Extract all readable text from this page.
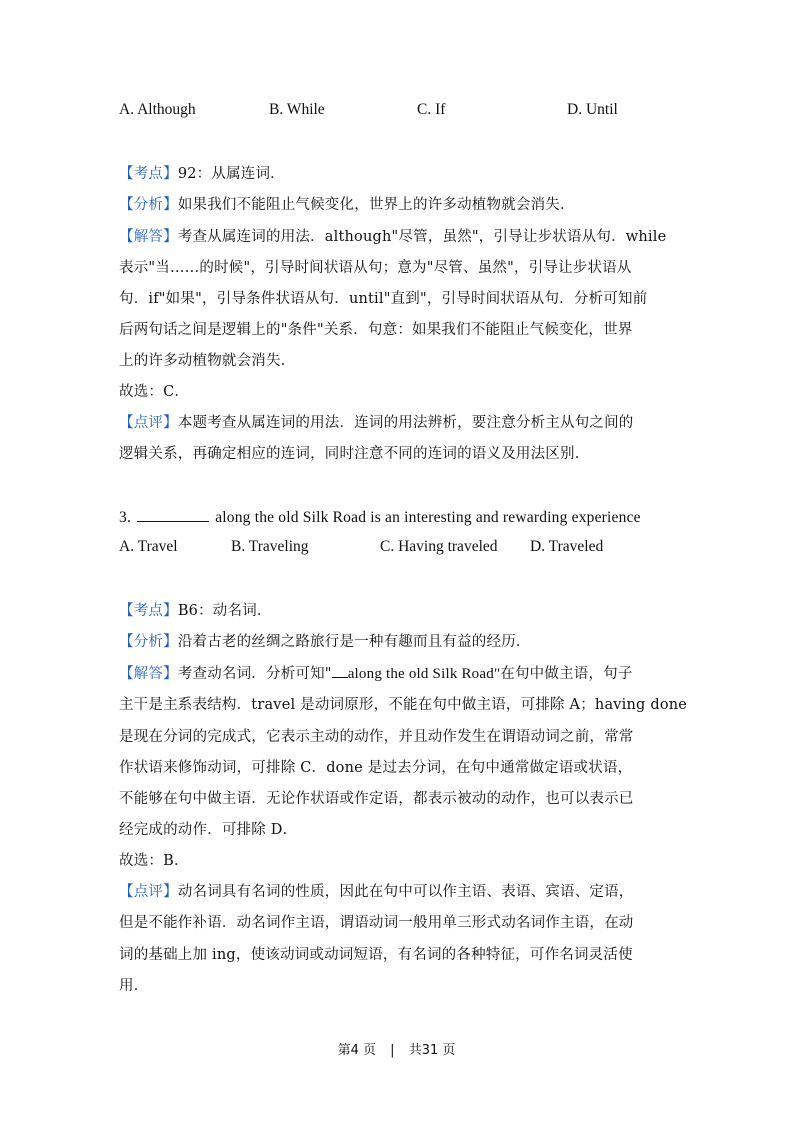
A. Although	B. While	C. If	D. Until
【考点】92：从属连词．
【分析】如果我们不能阻止气候变化，世界上的许多动植物就会消失．
【解答】考查从属连词的用法．although"尽管，虽然"，引导让步状语从句．while
表示"当……的时候"，引导时间状语从句；意为"尽管、虽然"，引导让步状语从
句．if"如果"，引导条件状语从句．until"直到"，引导时间状语从句．分析可知前
后两句话之间是逻辑上的"条件"关系．句意：如果我们不能阻止气候变化，世界
上的许多动植物就会消失．
故选：C．
【点评】本题考查从属连词的用法．连词的用法辨析，要注意分析主从句之间的
逻辑关系，再确定相应的连词，同时注意不同的连词的语义及用法区别．
3.	along the old Silk Road is an interesting and rewarding experience
A. Travel	B. Traveling	C. Having traveled D. Traveled
【考点】B6：动名词．
【分析】沿着古老的丝绸之路旅行是一种有趣而且有益的经历．
【解答】考查动名词．分析可知" along the old Silk Road"在句中做主语，句子
主干是主系表结构．travel 是动词原形，不能在句中做主语，可排除 A；having done
是现在分词的完成式，它表示主动的动作，并且动作发生在谓语动词之前，常常
作状语来修饰动词，可排除 C．done 是过去分词，在句中通常做定语或状语，
不能够在句中做主语．无论作状语或作定语，都表示被动的动作，也可以表示已
经完成的动作．可排除 D．
故选：B．
【点评】动名词具有名词的性质，因此在句中可以作主语、表语、宾语、定语，
但是不能作补语．动名词作主语，谓语动词一般用单三形式动名词作主语，在动
词的基础上加 ing，使该动词或动词短语，有名词的各种特征，可作名词灵活使
用．
第4 页 | 共31 页
